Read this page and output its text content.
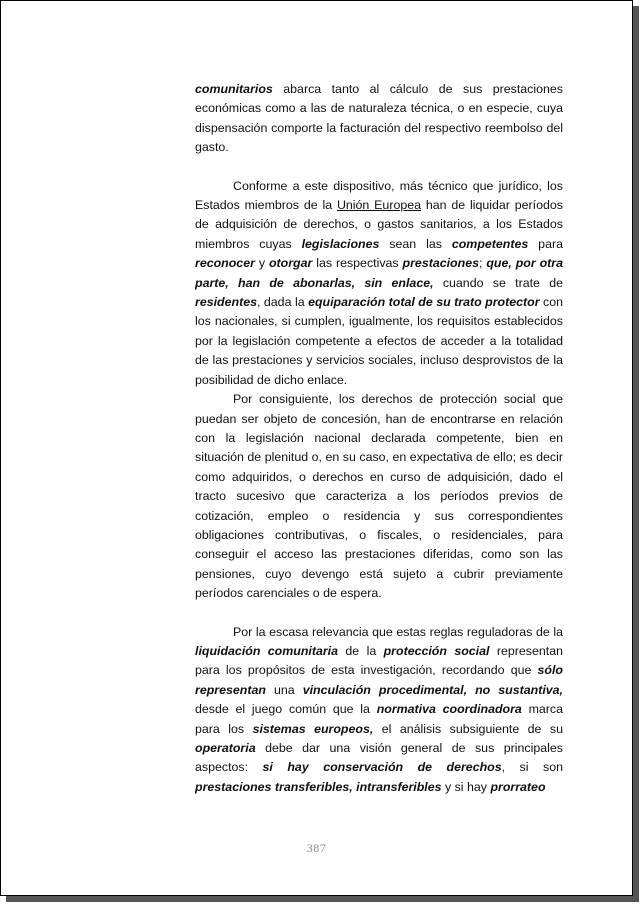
comunitarios abarca tanto al cálculo de sus prestaciones económicas como a las de naturaleza técnica, o en especie, cuya dispensación comporte la facturación del respectivo reembolso del gasto.

Conforme a este dispositivo, más técnico que jurídico, los Estados miembros de la Unión Europea han de liquidar períodos de adquisición de derechos, o gastos sanitarios, a los Estados miembros cuyas legislaciones sean las competentes para reconocer y otorgar las respectivas prestaciones; que, por otra parte, han de abonarlas, sin enlace, cuando se trate de residentes, dada la equiparación total de su trato protector con los nacionales, si cumplen, igualmente, los requisitos establecidos por la legislación competente a efectos de acceder a la totalidad de las prestaciones y servicios sociales, incluso desprovistos de la posibilidad de dicho enlace.

Por consiguiente, los derechos de protección social que puedan ser objeto de concesión, han de encontrarse en relación con la legislación nacional declarada competente, bien en situación de plenitud o, en su caso, en expectativa de ello; es decir como adquiridos, o derechos en curso de adquisición, dado el tracto sucesivo que caracteriza a los períodos previos de cotización, empleo o residencia y sus correspondientes obligaciones contributivas, o fiscales, o residenciales, para conseguir el acceso las prestaciones diferidas, como son las pensiones, cuyo devengo está sujeto a cubrir previamente períodos carenciales o de espera.

Por la escasa relevancia que estas reglas reguladoras de la liquidación comunitaria de la protección social representan para los propósitos de esta investigación, recordando que sólo representan una vinculación procedimental, no sustantiva, desde el juego común que la normativa coordinadora marca para los sistemas europeos, el análisis subsiguiente de su operatoria debe dar una visión general de sus principales aspectos: si hay conservación de derechos, si son prestaciones transferibles, intransferibles y si hay prorrateo

387
